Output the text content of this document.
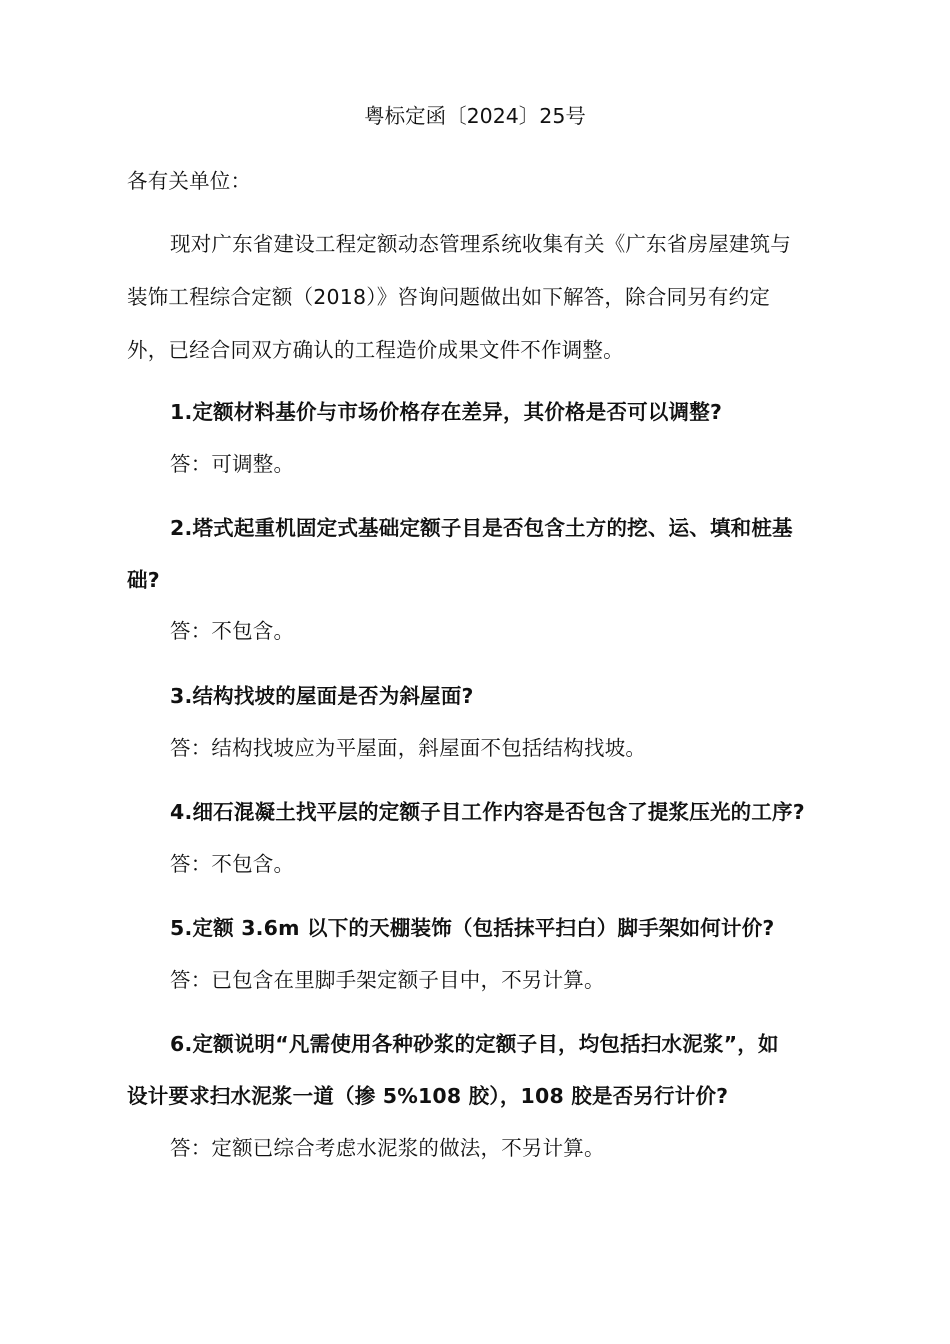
粤标定函〔2024〕25号
各有关单位：
现对广东省建设工程定额动态管理系统收集有关《广东省房屋建筑与
装饰工程综合定额（2018）》咨询问题做出如下解答，除合同另有约定
外，已经合同双方确认的工程造价成果文件不作调整。
1.定额材料基价与市场价格存在差异，其价格是否可以调整?
答：可调整。
2.塔式起重机固定式基础定额子目是否包含土方的挖、运、填和桩基
础?
答：不包含。
3.结构找坡的屋面是否为斜屋面?
答：结构找坡应为平屋面，斜屋面不包括结构找坡。
4.细石混凝土找平层的定额子目工作内容是否包含了提浆压光的工序?
答：不包含。
5.定额 3.6m 以下的天棚装饰（包括抹平扫白）脚手架如何计价?
答：已包含在里脚手架定额子目中，不另计算。
6.定额说明“凡需使用各种砂浆的定额子目，均包括扫水泥浆”，如
设计要求扫水泥浆一道（掺 5%108 胶），108 胶是否另行计价?
答：定额已综合考虑水泥浆的做法，不另计算。
